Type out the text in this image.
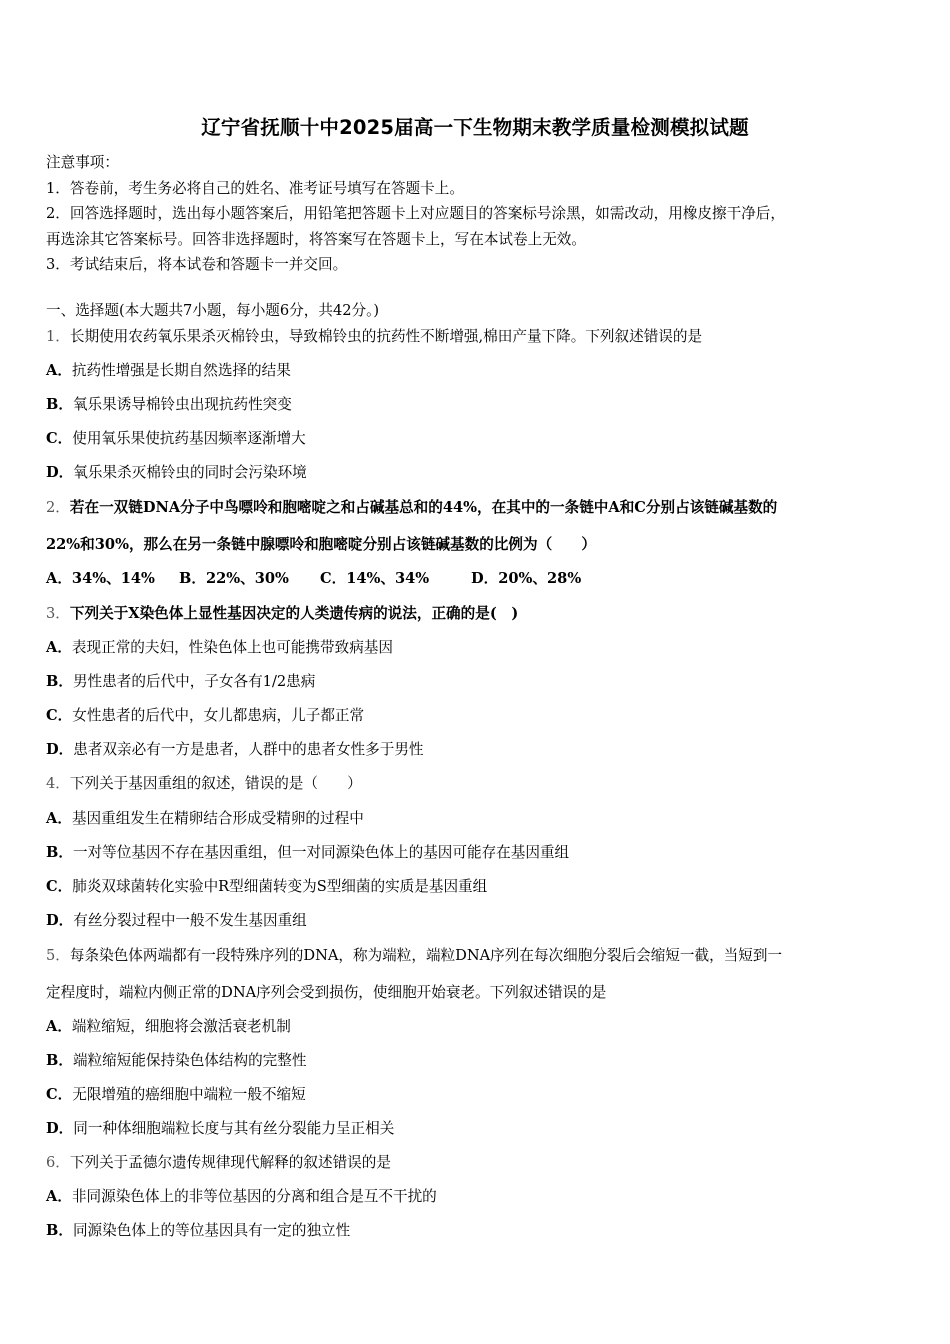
辽宁省抚顺十中2025届高一下生物期末教学质量检测模拟试题

注意事项：

1．答卷前，考生务必将自己的姓名、准考证号填写在答题卡上。

2．回答选择题时，选出每小题答案后，用铅笔把答题卡上对应题目的答案标号涂黑，如需改动，用橡皮擦干净后，

再选涂其它答案标号。回答非选择题时，将答案写在答题卡上，写在本试卷上无效。

3．考试结束后，将本试卷和答题卡一并交回。

一、选择题(本大题共7小题，每小题6分，共42分。)
1．长期使用农药氧乐果杀灭棉铃虫，导致棉铃虫的抗药性不断增强,棉田产量下降。下列叙述错误的是
A．抗药性增强是长期自然选择的结果
B．氧乐果诱导棉铃虫出现抗药性突变
C．使用氧乐果使抗药基因频率逐渐增大
D．氧乐果杀灭棉铃虫的同时会污染环境
2．若在一双链DNA分子中鸟嘌呤和胞嘧啶之和占碱基总和的44%，在其中的一条链中A和C分别占该链碱基数的
22%和30%，那么在另一条链中腺嘌呤和胞嘧啶分别占该链碱基数的比例为（　　）
A．34%、14% B．22%、30% C．14%、34%	D．20%、28%
3．下列关于X染色体上显性基因决定的人类遗传病的说法，正确的是(　)
A．表现正常的夫妇，性染色体上也可能携带致病基因
B．男性患者的后代中，子女各有1/2患病
C．女性患者的后代中，女儿都患病，儿子都正常
D．患者双亲必有一方是患者，人群中的患者女性多于男性
4．下列关于基因重组的叙述，错误的是（　　）
A．基因重组发生在精卵结合形成受精卵的过程中
B．一对等位基因不存在基因重组，但一对同源染色体上的基因可能存在基因重组
C．肺炎双球菌转化实验中R型细菌转变为S型细菌的实质是基因重组
D．有丝分裂过程中一般不发生基因重组
5．每条染色体两端都有一段特殊序列的DNA，称为端粒，端粒DNA序列在每次细胞分裂后会缩短一截，当短到一
定程度时，端粒内侧正常的DNA序列会受到损伤，使细胞开始衰老。下列叙述错误的是
A．端粒缩短，细胞将会激活衰老机制
B．端粒缩短能保持染色体结构的完整性
C．无限增殖的癌细胞中端粒一般不缩短
D．同一种体细胞端粒长度与其有丝分裂能力呈正相关
6．下列关于孟德尔遗传规律现代解释的叙述错误的是
A．非同源染色体上的非等位基因的分离和组合是互不干扰的
B．同源染色体上的等位基因具有一定的独立性
